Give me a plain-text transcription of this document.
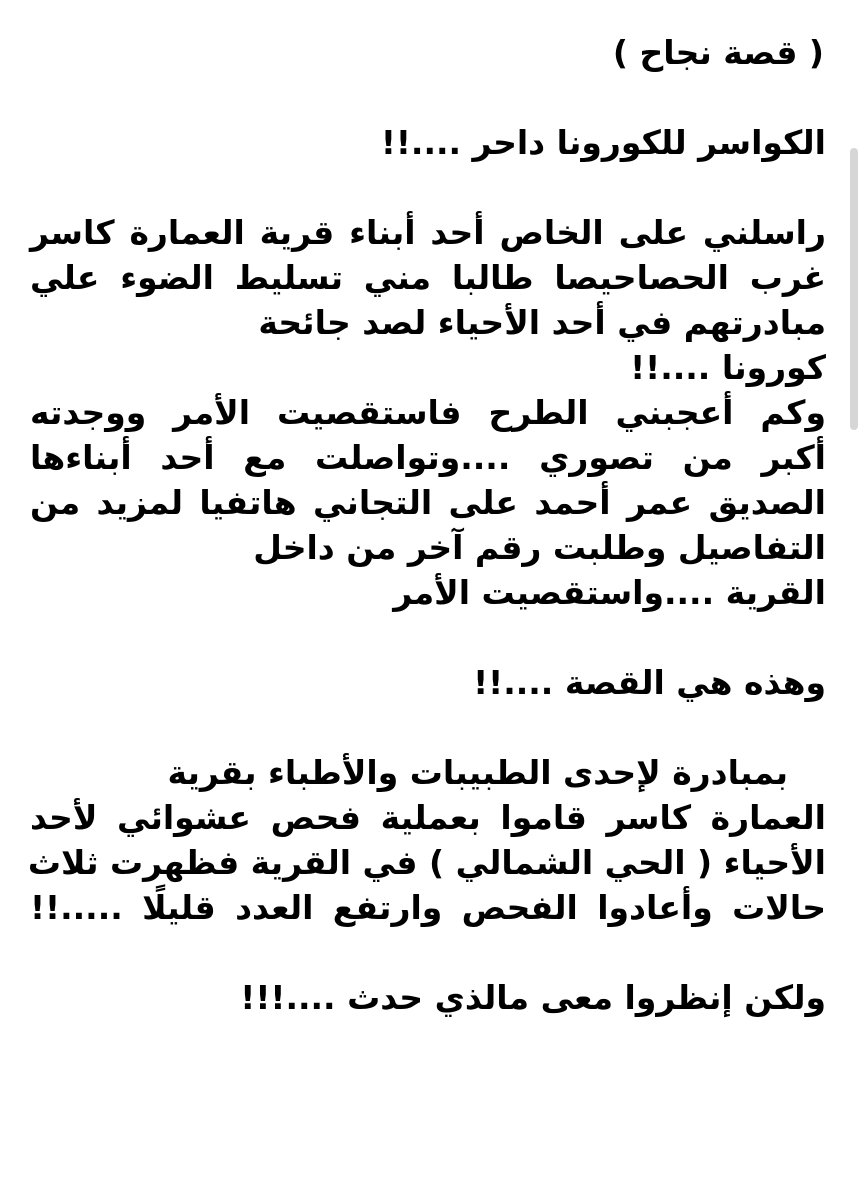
( قصة نجاح )
الكواسر للكورونا داحر ....!!
راسلني على الخاص أحد أبناء قرية العمارة كاسر
غرب الحصاحيصا طالبا مني تسليط الضوء علي
مبادرتهم في أحد الأحياء لصد جائحة
كورونا ....!!
وكم أعجبني الطرح فاستقصيت الأمر ووجدته
أكبر من تصوري ....وتواصلت مع أحد أبناءها
الصديق عمر أحمد على التجاني هاتفيا لمزيد من
التفاصيل وطلبت رقم آخر من داخل
القرية ....واستقصيت الأمر
وهذه هي القصة ....!!
بمبادرة لإحدى الطبيبات والأطباء بقرية
العمارة كاسر قاموا بعملية فحص عشوائي لأحد
الأحياء ( الحي الشمالي ) في القرية فظهرت ثلاث
حالات وأعادوا الفحص وارتفع العدد قليلًا .....!!
ولكن إنظروا معى مالذي حدث ....!!!
